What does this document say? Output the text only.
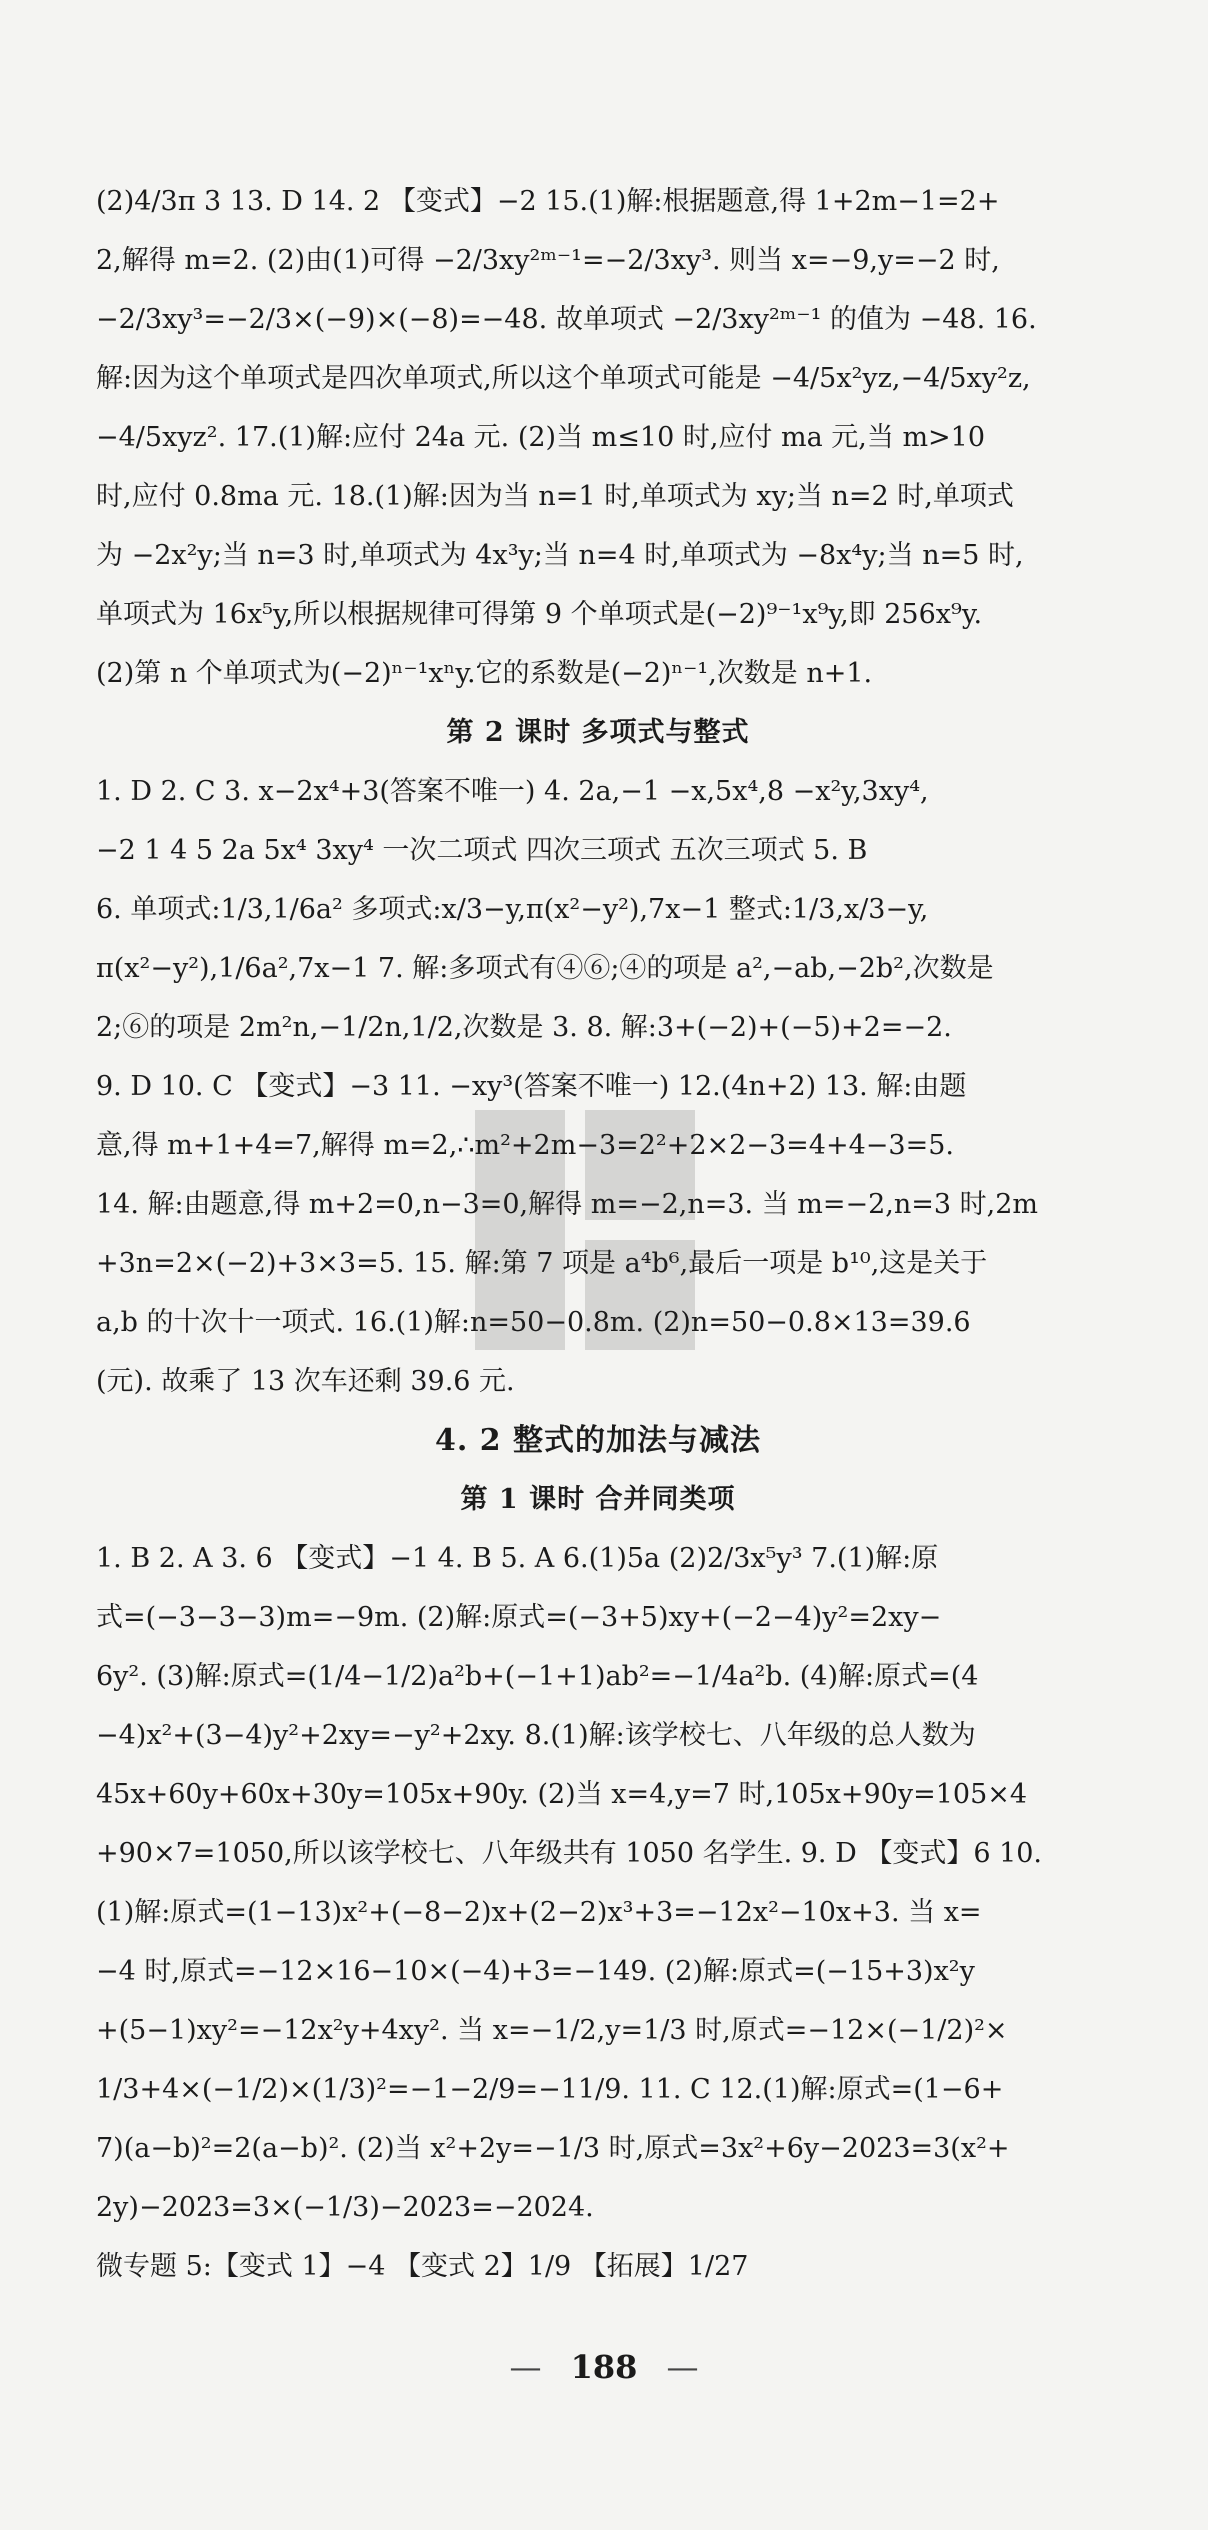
(2)4/3π 3 13. D 14. 2 【变式】−2 15.(1)解:根据题意,得 1+2m−1=2+
2,解得 m=2. (2)由(1)可得 −2/3xy²ᵐ⁻¹=−2/3xy³. 则当 x=−9,y=−2 时,
−2/3xy³=−2/3×(−9)×(−8)=−48. 故单项式 −2/3xy²ᵐ⁻¹ 的值为 −48. 16.
解:因为这个单项式是四次单项式,所以这个单项式可能是 −4/5x²yz,−4/5xy²z,
−4/5xyz². 17.(1)解:应付 24a 元. (2)当 m≤10 时,应付 ma 元,当 m>10
时,应付 0.8ma 元. 18.(1)解:因为当 n=1 时,单项式为 xy;当 n=2 时,单项式
为 −2x²y;当 n=3 时,单项式为 4x³y;当 n=4 时,单项式为 −8x⁴y;当 n=5 时,
单项式为 16x⁵y,所以根据规律可得第 9 个单项式是(−2)⁹⁻¹x⁹y,即 256x⁹y.
(2)第 n 个单项式为(−2)ⁿ⁻¹xⁿy.它的系数是(−2)ⁿ⁻¹,次数是 n+1.
第 2 课时 多项式与整式
1. D 2. C 3. x−2x⁴+3(答案不唯一) 4. 2a,−1 −x,5x⁴,8 −x²y,3xy⁴,
−2 1 4 5 2a 5x⁴ 3xy⁴ 一次二项式 四次三项式 五次三项式 5. B
6. 单项式:1/3,1/6a² 多项式:x/3−y,π(x²−y²),7x−1 整式:1/3,x/3−y,
π(x²−y²),1/6a²,7x−1 7. 解:多项式有④⑥;④的项是 a²,−ab,−2b²,次数是
2;⑥的项是 2m²n,−1/2n,1/2,次数是 3. 8. 解:3+(−2)+(−5)+2=−2.
9. D 10. C 【变式】−3 11. −xy³(答案不唯一) 12.(4n+2) 13. 解:由题
意,得 m+1+4=7,解得 m=2,∴m²+2m−3=2²+2×2−3=4+4−3=5.
14. 解:由题意,得 m+2=0,n−3=0,解得 m=−2,n=3. 当 m=−2,n=3 时,2m
+3n=2×(−2)+3×3=5. 15. 解:第 7 项是 a⁴b⁶,最后一项是 b¹⁰,这是关于
a,b 的十次十一项式. 16.(1)解:n=50−0.8m. (2)n=50−0.8×13=39.6
(元). 故乘了 13 次车还剩 39.6 元.
4. 2 整式的加法与减法
第 1 课时 合并同类项
1. B 2. A 3. 6 【变式】−1 4. B 5. A 6.(1)5a (2)2/3x⁵y³ 7.(1)解:原
式=(−3−3−3)m=−9m. (2)解:原式=(−3+5)xy+(−2−4)y²=2xy−
6y². (3)解:原式=(1/4−1/2)a²b+(−1+1)ab²=−1/4a²b. (4)解:原式=(4
−4)x²+(3−4)y²+2xy=−y²+2xy. 8.(1)解:该学校七、八年级的总人数为
45x+60y+60x+30y=105x+90y. (2)当 x=4,y=7 时,105x+90y=105×4
+90×7=1050,所以该学校七、八年级共有 1050 名学生. 9. D 【变式】6 10.
(1)解:原式=(1−13)x²+(−8−2)x+(2−2)x³+3=−12x²−10x+3. 当 x=
−4 时,原式=−12×16−10×(−4)+3=−149. (2)解:原式=(−15+3)x²y
+(5−1)xy²=−12x²y+4xy². 当 x=−1/2,y=1/3 时,原式=−12×(−1/2)²×
1/3+4×(−1/2)×(1/3)²=−1−2/9=−11/9. 11. C 12.(1)解:原式=(1−6+
7)(a−b)²=2(a−b)². (2)当 x²+2y=−1/3 时,原式=3x²+6y−2023=3(x²+
2y)−2023=3×(−1/3)−2023=−2024.
微专题 5:【变式 1】−4 【变式 2】1/9 【拓展】1/27
— 188 —
